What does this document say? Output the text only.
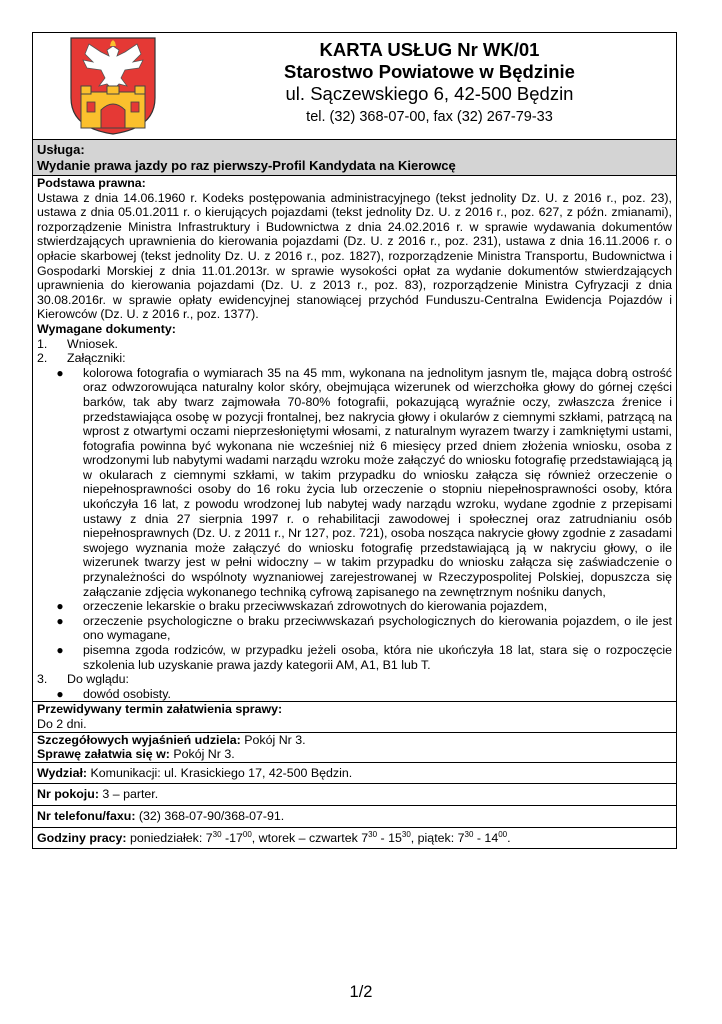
KARTA USŁUG Nr WK/01
Starostwo Powiatowe w Będzinie
ul. Sączewskiego 6, 42-500 Będzin
tel. (32) 368-07-00, fax (32) 267-79-33
Usługa:
Wydanie prawa jazdy po raz pierwszy-Profil Kandydata na Kierowcę
Podstawa prawna:
Ustawa z dnia 14.06.1960 r. Kodeks postępowania administracyjnego (tekst jednolity Dz. U. z 2016 r., poz. 23), ustawa z dnia 05.01.2011 r. o kierujących pojazdami (tekst jednolity Dz. U. z 2016 r., poz. 627, z późn. zmianami), rozporządzenie Ministra Infrastruktury i Budownictwa z dnia 24.02.2016 r. w sprawie wydawania dokumentów stwierdzających uprawnienia do kierowania pojazdami (Dz. U. z 2016 r., poz. 231), ustawa z dnia 16.11.2006 r. o opłacie skarbowej (tekst jednolity Dz. U. z 2016 r., poz. 1827), rozporządzenie Ministra Transportu, Budownictwa i Gospodarki Morskiej z dnia 11.01.2013r. w sprawie wysokości opłat za wydanie dokumentów stwierdzających uprawnienia do kierowania pojazdami (Dz. U. z 2013 r., poz. 83), rozporządzenie Ministra Cyfryzacji z dnia 30.08.2016r. w sprawie opłaty ewidencyjnej stanowiącej przychód Funduszu-Centralna Ewidencja Pojazdów i Kierowców (Dz. U. z 2016 r., poz. 1377).
Wymagane dokumenty:
1.	Wniosek.
2.	Załączniki:
●	kolorowa fotografia o wymiarach 35 na 45 mm, wykonana na jednolitym jasnym tle, mająca dobrą ostrość oraz odwzorowująca naturalny kolor skóry, obejmująca wizerunek od wierzchołka głowy do górnej części barków, tak aby twarz zajmowała 70-80% fotografii, pokazującą wyraźnie oczy, zwłaszcza źrenice i przedstawiająca osobę w pozycji frontalnej, bez nakrycia głowy i okularów z ciemnymi szkłami, patrzącą na wprost z otwartymi oczami nieprzesłoniętymi włosami, z naturalnym wyrazem twarzy i zamkniętymi ustami, fotografia powinna być wykonana nie wcześniej niż 6 miesięcy przed dniem złożenia wniosku, osoba z wrodzonymi lub nabytymi wadami narządu wzroku może załączyć do wniosku fotografię przedstawiającą ją w okularach z ciemnymi szkłami, w takim przypadku do wniosku załącza się również orzeczenie o niepełnosprawności osoby do 16 roku życia lub orzeczenie o stopniu niepełnosprawności osoby, która ukończyła 16 lat, z powodu wrodzonej lub nabytej wady narządu wzroku, wydane zgodnie z przepisami ustawy z dnia 27 sierpnia 1997 r. o rehabilitacji zawodowej i społecznej oraz zatrudnianiu osób niepełnosprawnych (Dz. U. z 2011 r., Nr 127, poz. 721), osoba nosząca nakrycie głowy zgodnie z zasadami swojego wyznania może załączyć do wniosku fotografię przedstawiającą ją w nakryciu głowy, o ile wizerunek twarzy jest w pełni widoczny – w takim przypadku do wniosku załącza się zaświadczenie o przynależności do wspólnoty wyznaniowej zarejestrowanej w Rzeczypospolitej Polskiej, dopuszcza się załączanie zdjęcia wykonanego techniką cyfrową zapisanego na zewnętrznym nośniku danych,
●	orzeczenie lekarskie o braku przeciwwskazań zdrowotnych do kierowania pojazdem,
●	orzeczenie psychologiczne o braku przeciwwskazań psychologicznych do kierowania pojazdem, o ile jest ono wymagane,
●	pisemna zgoda rodziców, w przypadku jeżeli osoba, która nie ukończyła 18 lat, stara się o rozpoczęcie szkolenia lub uzyskanie prawa jazdy kategorii AM, A1, B1 lub T.
3.	Do wglądu:
●	dowód osobisty.
Przewidywany termin załatwienia sprawy:
Do 2 dni.
Szczegółowych wyjaśnień udziela: Pokój Nr 3.
Sprawę załatwia się w: Pokój Nr 3.
Wydział: Komunikacji: ul. Krasickiego 17, 42-500 Będzin.
Nr pokoju: 3 – parter.
Nr telefonu/faxu: (32) 368-07-90/368-07-91.
Godziny pracy: poniedziałek: $7^{30}$ $-17^{00}$, wtorek – czwartek $7^{30} - 15^{30}$, piątek: $7^{30} - 14^{00}$.
1/2
